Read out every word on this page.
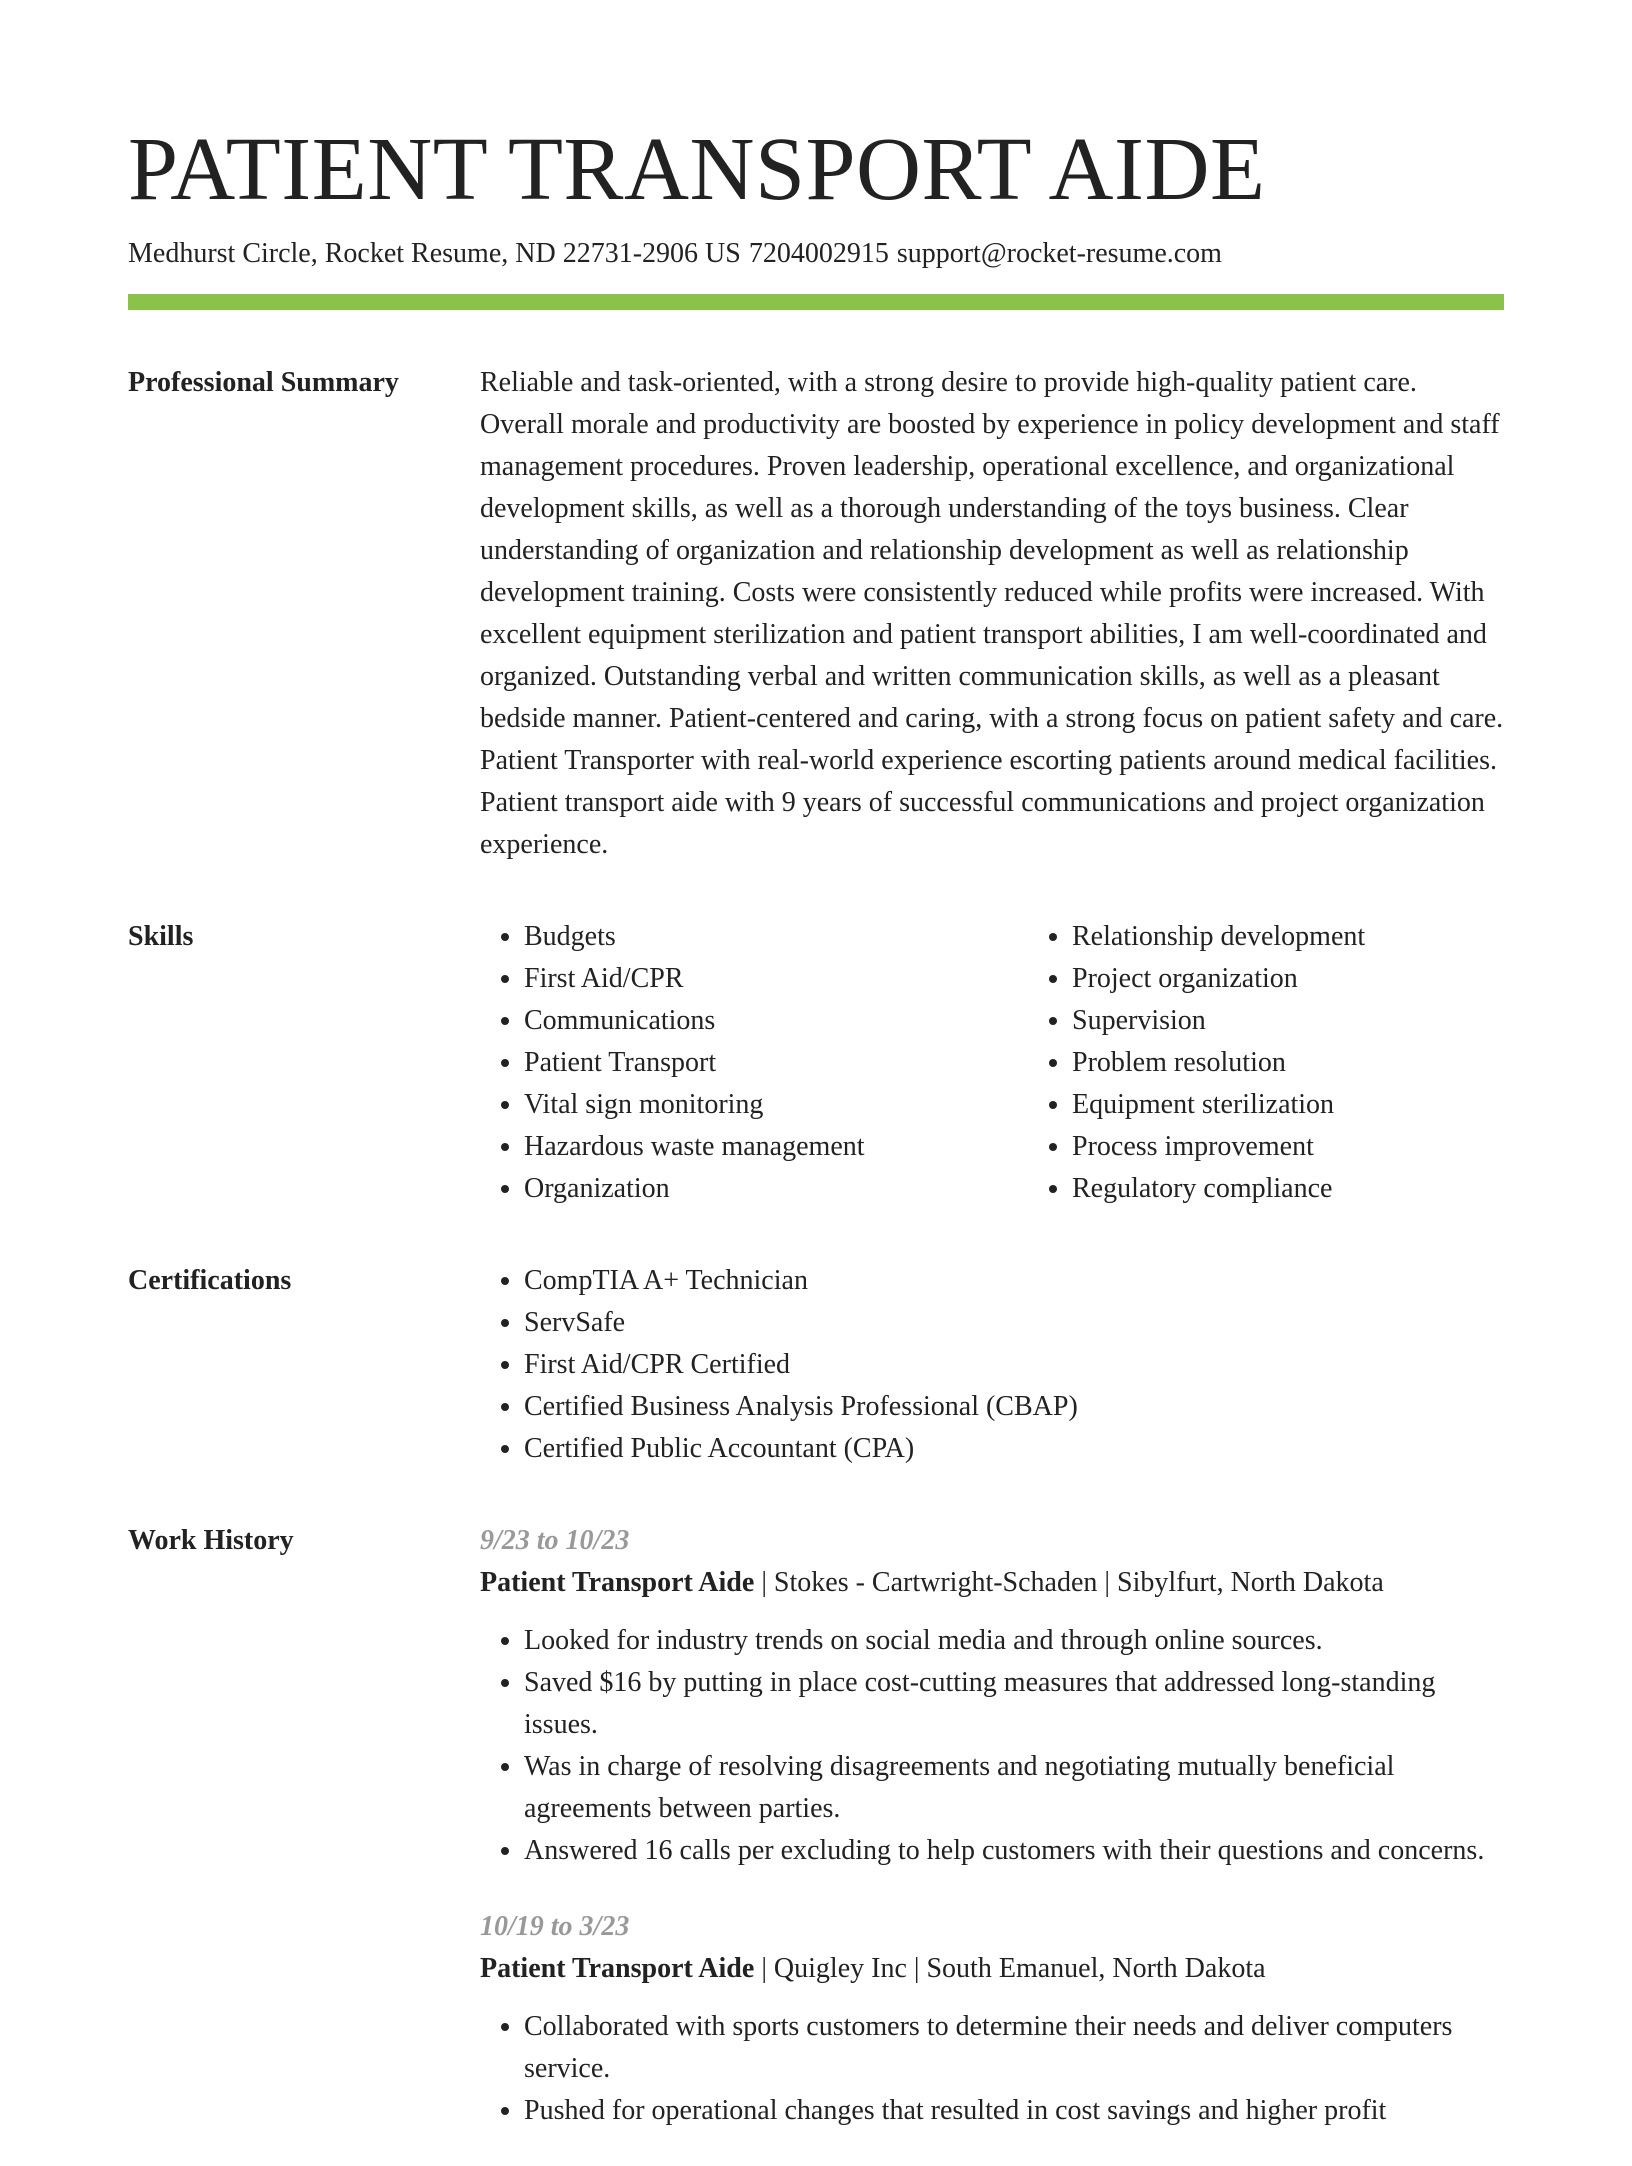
PATIENT TRANSPORT AIDE
Medhurst Circle, Rocket Resume, ND 22731-2906 US 7204002915 support@rocket-resume.com
Professional Summary	Reliable and task-oriented, with a strong desire to provide high-quality patient care. Overall morale and productivity are boosted by experience in policy development and staff management procedures. Proven leadership, operational excellence, and organizational development skills, as well as a thorough understanding of the toys business. Clear understanding of organization and relationship development as well as relationship development training. Costs were consistently reduced while profits were increased. With excellent equipment sterilization and patient transport abilities, I am well-coordinated and organized. Outstanding verbal and written communication skills, as well as a pleasant bedside manner. Patient-centered and caring, with a strong focus on patient safety and care. Patient Transporter with real-world experience escorting patients around medical facilities. Patient transport aide with 9 years of successful communications and project organization experience.

Skills	• Budgets
• First Aid/CPR
• Communications
• Patient Transport
• Vital sign monitoring
• Hazardous waste management
• Organization
• Relationship development
• Project organization
• Supervision
• Problem resolution
• Equipment sterilization
• Process improvement
• Regulatory compliance
Certifications	• CompTIA A+ Technician
• ServSafe
• First Aid/CPR Certified
• Certified Business Analysis Professional (CBAP)
• Certified Public Accountant (CPA)
Work History	9/23 to 10/23
Patient Transport Aide | Stokes - Cartwright-Schaden | Sibylfurt, North Dakota
• Looked for industry trends on social media and through online sources.
• Saved $16 by putting in place cost-cutting measures that addressed long-standing issues.
• Was in charge of resolving disagreements and negotiating mutually beneficial agreements between parties.
• Answered 16 calls per excluding to help customers with their questions and concerns.
10/19 to 3/23
Patient Transport Aide | Quigley Inc | South Emanuel, North Dakota
• Collaborated with sports customers to determine their needs and deliver computers service.
• Pushed for operational changes that resulted in cost savings and higher profit
